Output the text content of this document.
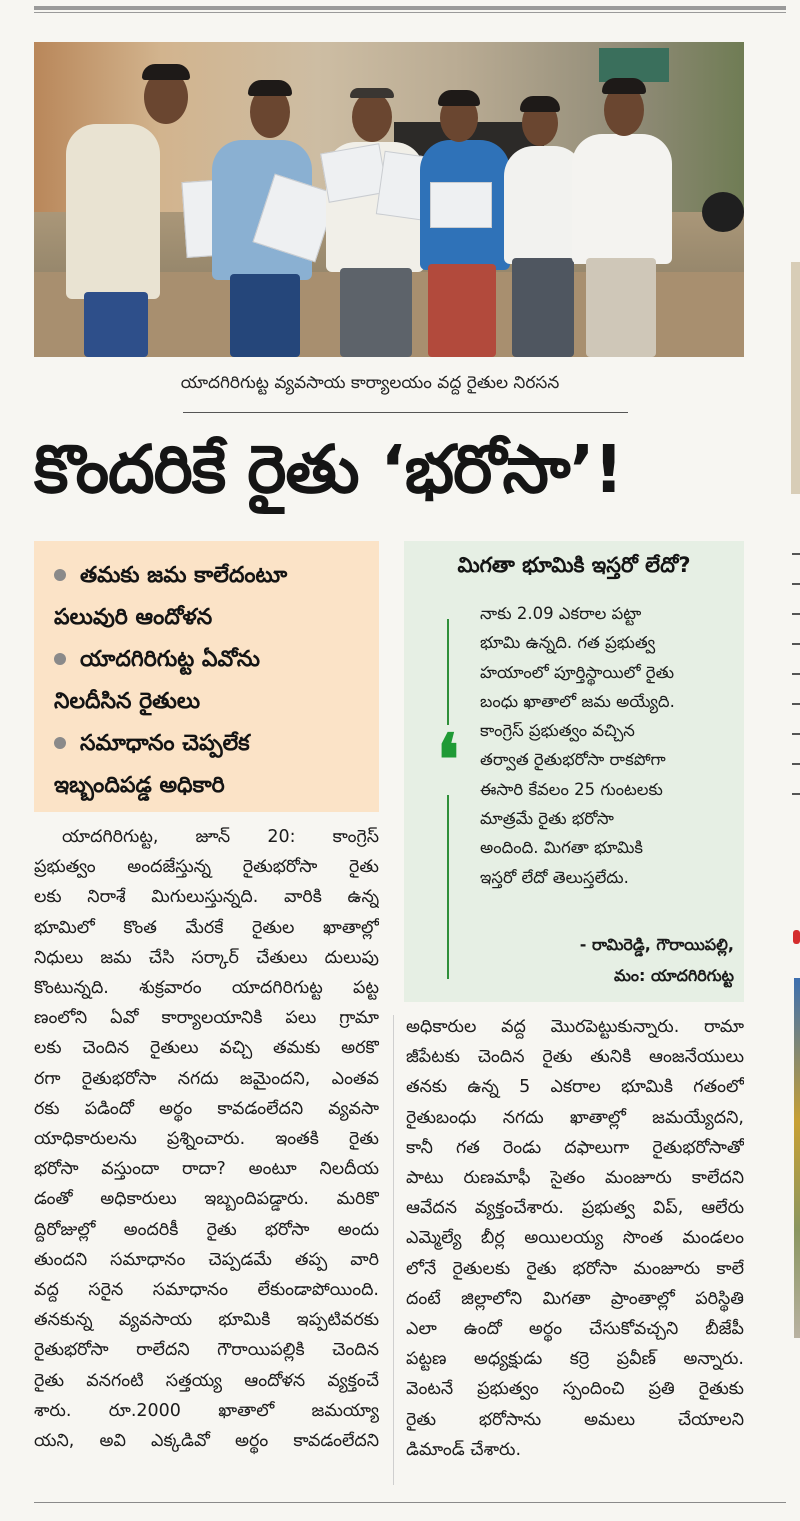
యాదగిరిగుట్ట వ్యవసాయ కార్యాలయం వద్ద రైతుల నిరసన
కొందరికే రైతు ‘భరోసా’!
తమకు జమ కాలేదంటూ
పలువురి ఆందోళన
యాదగిరిగుట్ట ఏవోను
నిలదీసిన రైతులు
సమాధానం చెప్పలేక
ఇబ్బందిపడ్డ అధికారి
మిగతా భూమికి ఇస్తరో లేదో?
❛
నాకు 2.09 ఎకరాల పట్టా
భూమి ఉన్నది. గత ప్రభుత్వ
హయాంలో పూర్తిస్థాయిలో రైతు
బంధు ఖాతాలో జమ అయ్యేది.
కాంగ్రెస్ ప్రభుత్వం వచ్చిన
తర్వాత రైతుభరోసా రాకపోగా
ఈసారి కేవలం 25 గుంటలకు
మాత్రమే రైతు భరోసా
అందింది. మిగతా భూమికి
ఇస్తరో లేదో తెలుస్తలేదు.
- రామిరెడ్డి, గౌరాయిపల్లి,
మం: యాదగిరిగుట్ట
యాదగిరిగుట్ట, జూన్ 20: కాంగ్రెస్
ప్రభుత్వం అందజేస్తున్న రైతుభరోసా రైతు
లకు నిరాశే మిగులుస్తున్నది. వారికి ఉన్న
భూమిలో కొంత మేరకే రైతుల ఖాతాల్లో
నిధులు జమ చేసి సర్కార్ చేతులు దులుపు
కొంటున్నది. శుక్రవారం యాదగిరిగుట్ట పట్ట
ణంలోని ఏవో కార్యాలయానికి పలు గ్రామా
లకు చెందిన రైతులు వచ్చి తమకు అరకొ
రగా రైతుభరోసా నగదు జమైందని, ఎంతవ
రకు పడిందో అర్థం కావడంలేదని వ్యవసా
యాధికారులను ప్రశ్నించారు. ఇంతకి రైతు
భరోసా వస్తుందా రాదా? అంటూ నిలదీయ
డంతో అధికారులు ఇబ్బందిపడ్డారు. మరికొ
ద్దిరోజుల్లో అందరికీ రైతు భరోసా అందు
తుందని సమాధానం చెప్పడమే తప్ప వారి
వద్ద సరైన సమాధానం లేకుండాపోయింది.
తనకున్న వ్యవసాయ భూమికి ఇప్పటివరకు
రైతుభరోసా రాలేదని గౌరాయిపల్లికి చెందిన
రైతు వనగంటి సత్తయ్య ఆందోళన వ్యక్తంచే
శారు. రూ.2000 ఖాతాలో జమయ్యా
యని, అవి ఎక్కడివో అర్థం కావడంలేదని
అధికారుల వద్ద మొరపెట్టుకున్నారు. రామా
జీపేటకు చెందిన రైతు తునికి ఆంజనేయులు
తనకు ఉన్న 5 ఎకరాల భూమికి గతంలో
రైతుబంధు నగదు ఖాతాల్లో జమయ్యేదని,
కానీ గత రెండు దఫాలుగా రైతుభరోసాతో
పాటు రుణమాఫీ సైతం మంజూరు కాలేదని
ఆవేదన వ్యక్తంచేశారు. ప్రభుత్వ విప్, ఆలేరు
ఎమ్మెల్యే బీర్ల అయిలయ్య సొంత మండలం
లోనే రైతులకు రైతు భరోసా మంజూరు కాలే
దంటే జిల్లాలోని మిగతా ప్రాంతాల్లో పరిస్థితి
ఎలా ఉందో అర్థం చేసుకోవచ్చని బీజేపీ
పట్టణ అధ్యక్షుడు కర్రె ప్రవీణ్ అన్నారు.
వెంటనే ప్రభుత్వం స్పందించి ప్రతి రైతుకు
రైతు భరోసాను అమలు చేయాలని
డిమాండ్ చేశారు.
